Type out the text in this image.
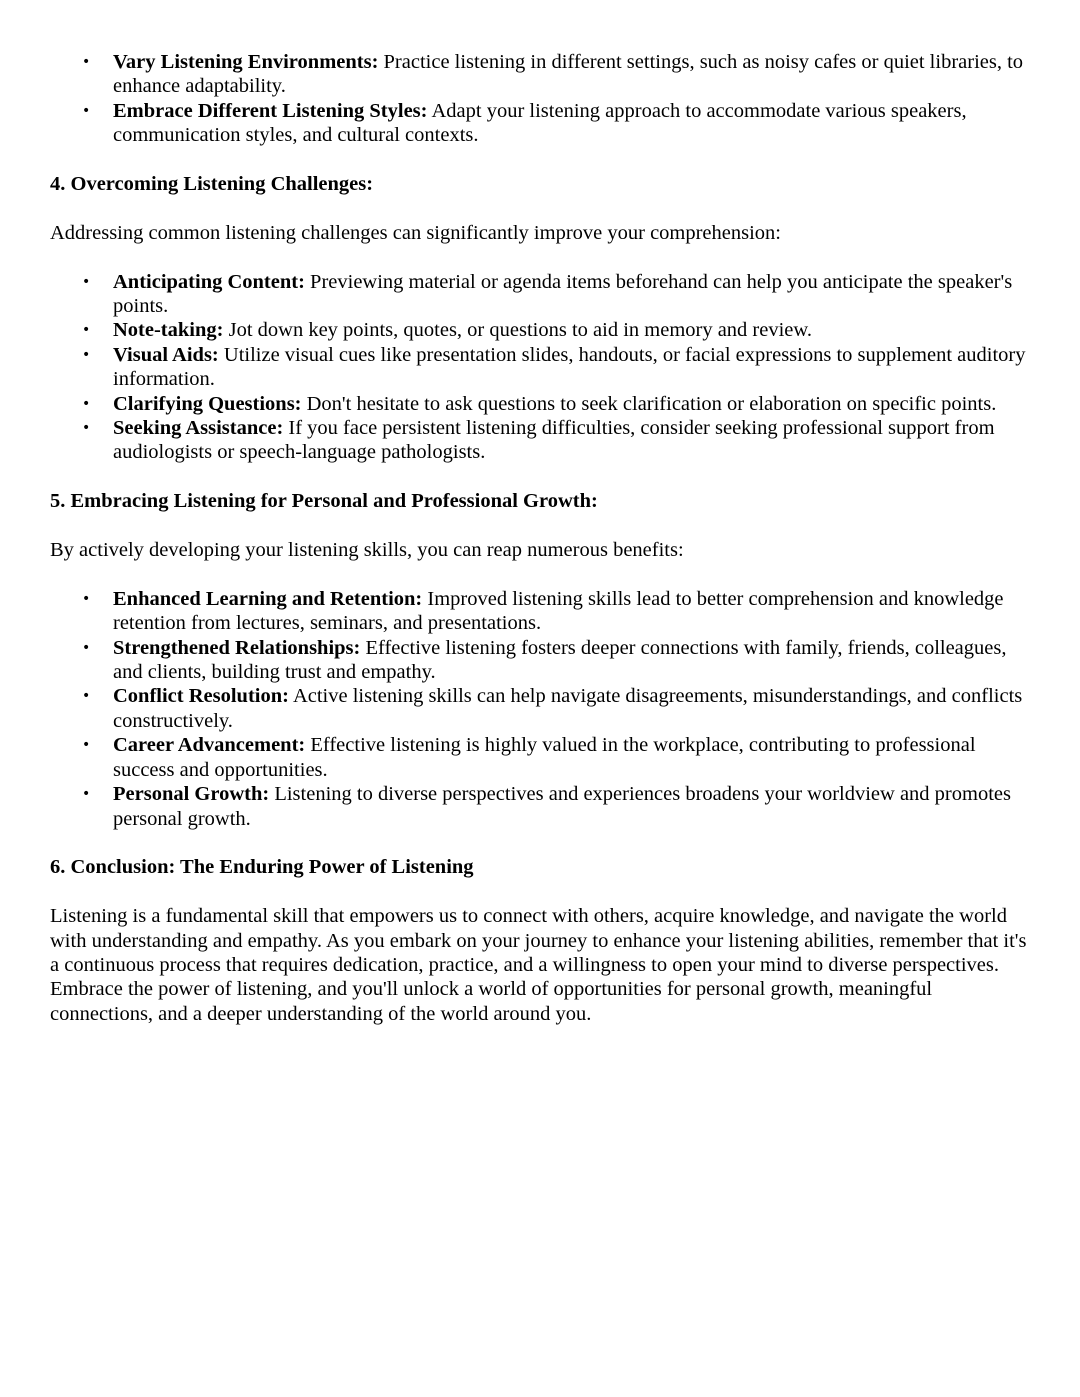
• Vary Listening Environments: Practice listening in different settings, such as noisy cafes or quiet libraries, to enhance adaptability.
• Embrace Different Listening Styles: Adapt your listening approach to accommodate various speakers, communication styles, and cultural contexts.
4. Overcoming Listening Challenges:

Addressing common listening challenges can significantly improve your comprehension:

• Anticipating Content: Previewing material or agenda items beforehand can help you anticipate the speaker's points.
• Note-taking: Jot down key points, quotes, or questions to aid in memory and review.
• Visual Aids: Utilize visual cues like presentation slides, handouts, or facial expressions to supplement auditory information.
• Clarifying Questions: Don't hesitate to ask questions to seek clarification or elaboration on specific points.
• Seeking Assistance: If you face persistent listening difficulties, consider seeking professional support from audiologists or speech-language pathologists.
5. Embracing Listening for Personal and Professional Growth:

By actively developing your listening skills, you can reap numerous benefits:

• Enhanced Learning and Retention: Improved listening skills lead to better comprehension and knowledge retention from lectures, seminars, and presentations.
• Strengthened Relationships: Effective listening fosters deeper connections with family, friends, colleagues, and clients, building trust and empathy.
• Conflict Resolution: Active listening skills can help navigate disagreements, misunderstandings, and conflicts constructively.
• Career Advancement: Effective listening is highly valued in the workplace, contributing to professional success and opportunities.
• Personal Growth: Listening to diverse perspectives and experiences broadens your worldview and promotes personal growth.
6. Conclusion: The Enduring Power of Listening

Listening is a fundamental skill that empowers us to connect with others, acquire knowledge, and navigate the world with understanding and empathy. As you embark on your journey to enhance your listening abilities, remember that it's a continuous process that requires dedication, practice, and a willingness to open your mind to diverse perspectives. Embrace the power of listening, and you'll unlock a world of opportunities for personal growth, meaningful connections, and a deeper understanding of the world around you.
